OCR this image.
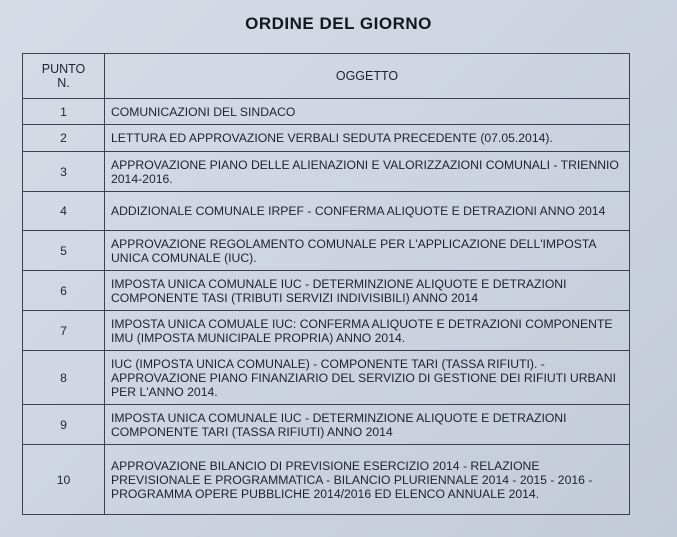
ORDINE DEL GIORNO
PUNTO
N.	OGGETTO
1	COMUNICAZIONI DEL SINDACO
2	LETTURA ED APPROVAZIONE VERBALI SEDUTA PRECEDENTE (07.05.2014).
3	APPROVAZIONE PIANO DELLE ALIENAZIONI E VALORIZZAZIONI COMUNALI - TRIENNIO 2014-2016.
4	ADDIZIONALE COMUNALE IRPEF - CONFERMA ALIQUOTE E DETRAZIONI ANNO 2014
5	APPROVAZIONE REGOLAMENTO COMUNALE PER L'APPLICAZIONE DELL'IMPOSTA UNICA COMUNALE (IUC).
6	IMPOSTA UNICA COMUNALE IUC - DETERMINZIONE ALIQUOTE E DETRAZIONI COMPONENTE TASI (TRIBUTI SERVIZI INDIVISIBILI) ANNO 2014
7	IMPOSTA UNICA COMUALE IUC: CONFERMA ALIQUOTE E DETRAZIONI COMPONENTE IMU (IMPOSTA MUNICIPALE PROPRIA) ANNO 2014.
8	IUC (IMPOSTA UNICA COMUNALE) - COMPONENTE TARI (TASSA RIFIUTI). - APPROVAZIONE PIANO FINANZIARIO DEL SERVIZIO DI GESTIONE DEI RIFIUTI URBANI PER L'ANNO 2014.
9	IMPOSTA UNICA COMUNALE IUC - DETERMINZIONE ALIQUOTE E DETRAZIONI COMPONENTE TARI (TASSA RIFIUTI) ANNO 2014
10	APPROVAZIONE BILANCIO DI PREVISIONE ESERCIZIO 2014 - RELAZIONE PREVISIONALE E PROGRAMMATICA - BILANCIO PLURIENNALE 2014 - 2015 - 2016 - PROGRAMMA OPERE PUBBLICHE 2014/2016 ED ELENCO ANNUALE 2014.
